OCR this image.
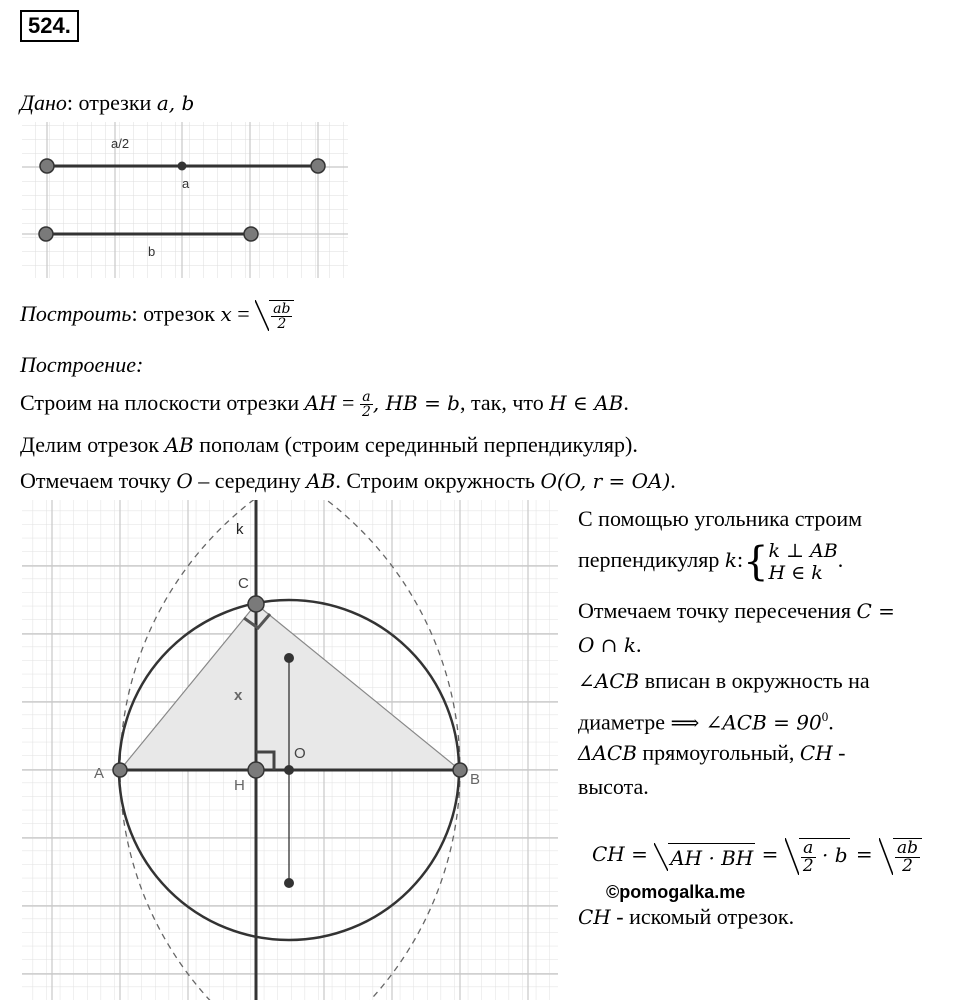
524.
Дано: отрезки a, b
a/2
a
b
Построить: отрезок $x = \frac{ab}{2}$
Построение:
Строим на плоскости отрезки AH = $\frac{a}{2}$ , HB = b, так, что H ∈ AB.
Делим отрезок AB пополам (строим серединный перпендикуляр).
Отмечаем точку O – середину AB. Строим окружность O(O, r = OA).
k
C
x
A
H
O
B
С помощью угольника строим
перпендикуляр k:{ k ⊥ AB
H ∈ k
.
Отмечаем точку пересечения C =
O ∩ k.
∠ACB вписан в окружность на
диаметре ⟹ ∠ACB = $90^0$.
ΔACB прямоугольный, CH -
высота.
CH = AH · BH = $\frac{a}{2} \cdot b = \frac{ab}{2}$
©pomogalka.me
CH - искомый отрезок.
